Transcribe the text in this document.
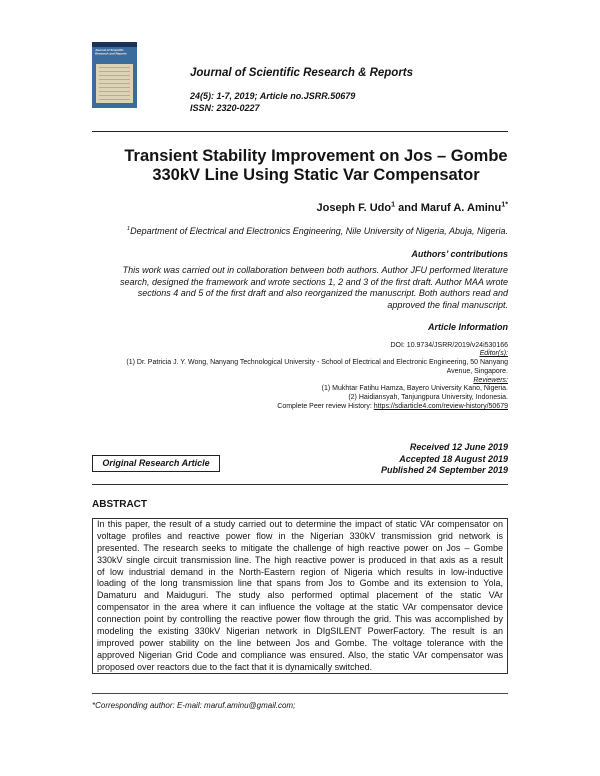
Journal of Scientific Research and Reports
Journal of Scientific Research & Reports
24(5): 1-7, 2019; Article no.JSRR.50679
ISSN: 2320-0227
Transient Stability Improvement on Jos – Gombe
330kV Line Using Static Var Compensator
Joseph F. Udo$^1$ and Maruf A. Aminu$^{1*}$
$^1$Department of Electrical and Electronics Engineering, Nile University of Nigeria, Abuja, Nigeria.
Authors’ contributions
This work was carried out in collaboration between both authors. Author JFU performed literature
search, designed the framework and wrote sections 1, 2 and 3 of the first draft. Author MAA wrote
sections 4 and 5 of the first draft and also reorganized the manuscript. Both authors read and
approved the final manuscript.
Article Information
DOI: 10.9734/JSRR/2019/v24i530166
Editor(s):
(1) Dr. Patricia J. Y. Wong, Nanyang Technological University - School of Electrical and Electronic Engineering, 50 Nanyang
Avenue, Singapore.
Reviewers:
(1) Mukhtar Fatihu Hamza, Bayero University Kano, Nigeria.
(2) Haidiansyah, Tanjungpura University, Indonesia.
Complete Peer review History: https://sdiarticle4.com/review-history/50679
Received 12 June 2019
Accepted 18 August 2019
Published 24 September 2019
Original Research Article
ABSTRACT
In this paper, the result of a study carried out to determine the impact of static VAr compensator on
voltage profiles and reactive power flow in the Nigerian 330kV transmission grid network is
presented. The research seeks to mitigate the challenge of high reactive power on Jos – Gombe
330kV single circuit transmission line. The high reactive power is produced in that axis as a result
of low industrial demand in the North-Eastern region of Nigeria which results in low-inductive
loading of the long transmission line that spans from Jos to Gombe and its extension to Yola,
Damaturu and Maiduguri. The study also performed optimal placement of the static VAr
compensator in the area where it can influence the voltage at the static VAr compensator device
connection point by controlling the reactive power flow through the grid. This was accomplished by
modeling the existing 330kV Nigerian network in DIgSILENT PowerFactory. The result is an
improved power stability on the line between Jos and Gombe. The voltage tolerance with the
approved Nigerian Grid Code and compliance was ensured. Also, the static VAr compensator was
proposed over reactors due to the fact that it is dynamically switched.
*Corresponding author: E-mail: maruf.aminu@gmail.com;
